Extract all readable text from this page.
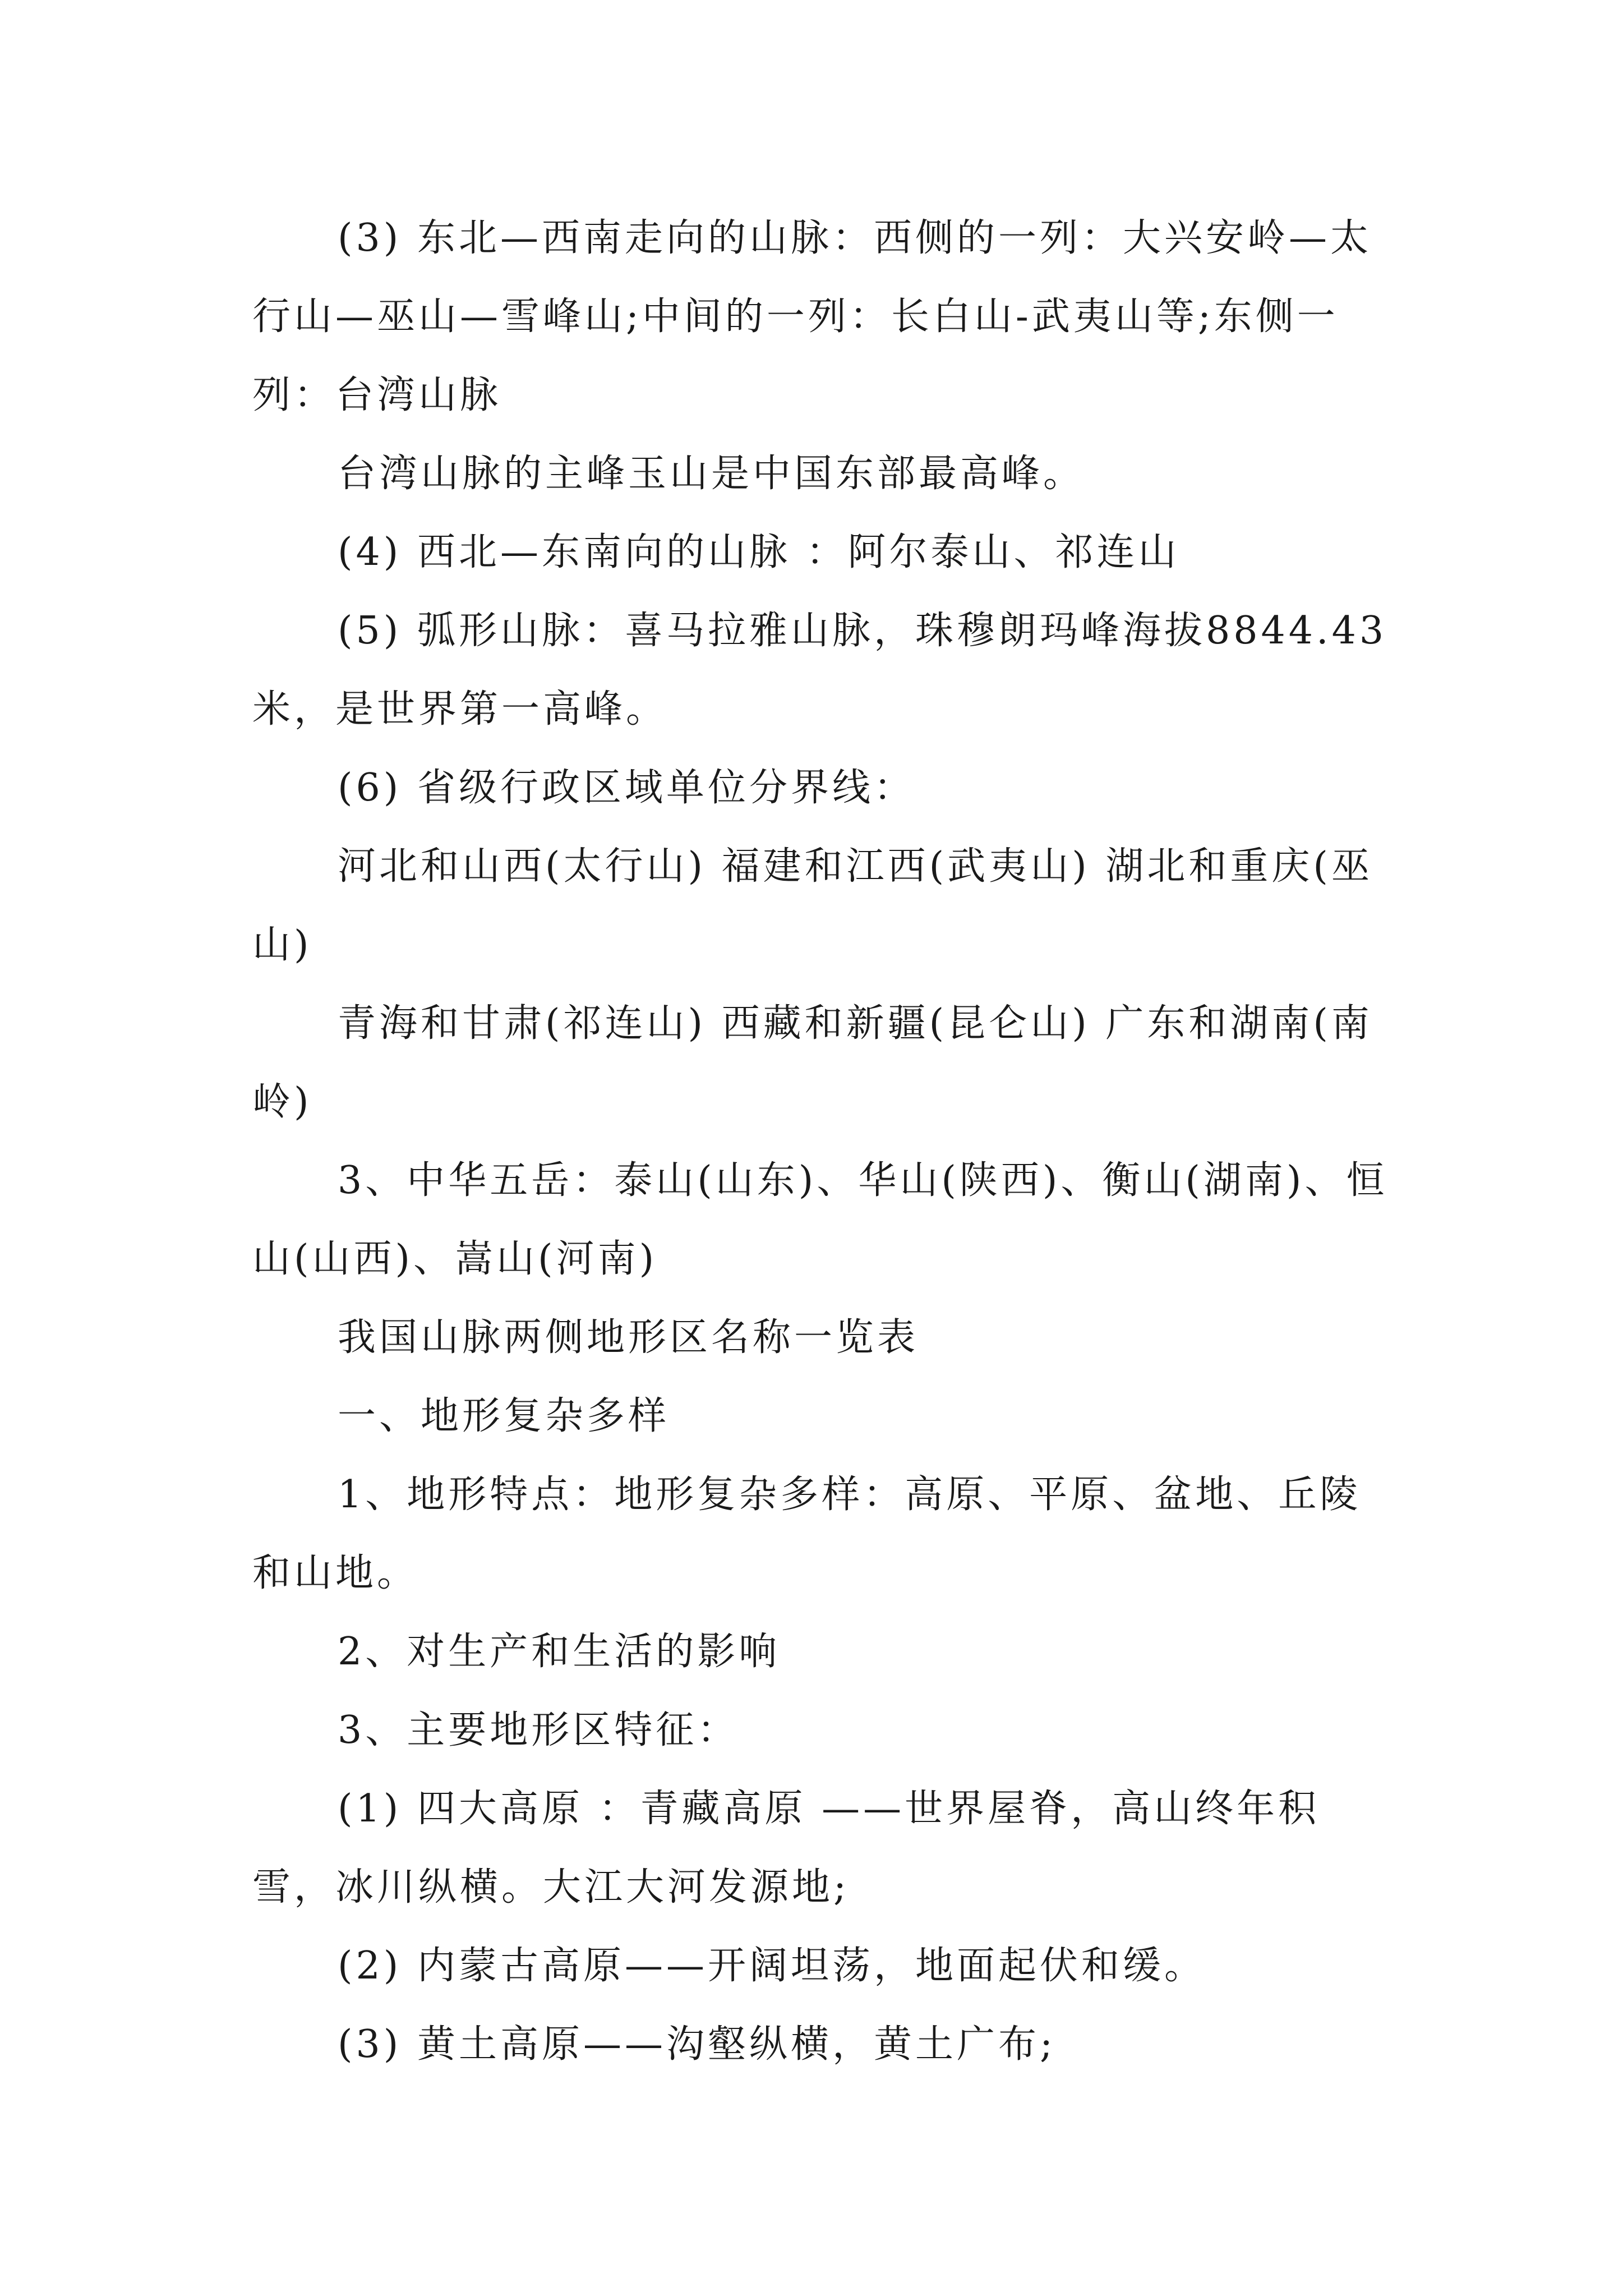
(3) 东北—西南走向的山脉：西侧的一列：大兴安岭—太行山—巫山—雪峰山;中间的一列：长白山-武夷山等;东侧一列：台湾山脉

台湾山脉的主峰玉山是中国东部最高峰。

(4) 西北—东南向的山脉 ：阿尔泰山、祁连山

(5) 弧形山脉：喜马拉雅山脉，珠穆朗玛峰海拔8844.43米，是世界第一高峰。

(6) 省级行政区域单位分界线：

河北和山西(太行山) 福建和江西(武夷山) 湖北和重庆(巫山)

青海和甘肃(祁连山) 西藏和新疆(昆仑山) 广东和湖南(南岭)

3、中华五岳：泰山(山东)、华山(陕西)、衡山(湖南)、恒山(山西)、嵩山(河南)

我国山脉两侧地形区名称一览表

一、地形复杂多样

1、地形特点：地形复杂多样：高原、平原、盆地、丘陵和山地。

2、对生产和生活的影响

3、主要地形区特征：

(1) 四大高原 ：青藏高原 ——世界屋脊，高山终年积雪，冰川纵横。大江大河发源地;

(2) 内蒙古高原——开阔坦荡，地面起伏和缓。

(3) 黄土高原——沟壑纵横，黄土广布;
